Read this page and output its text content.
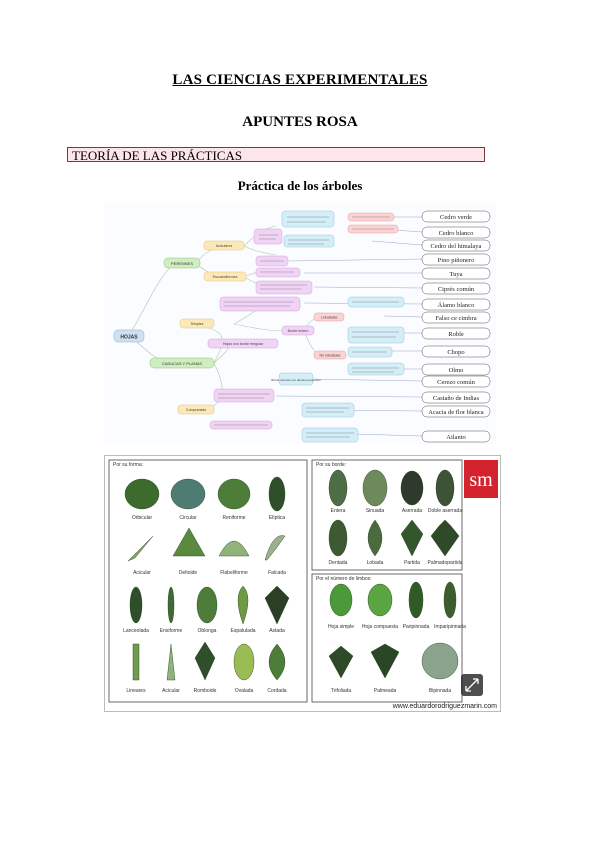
LAS CIENCIAS EXPERIMENTALES
APUNTES ROSA
TEORÍA DE LAS PRÁCTICAS
Práctica de los árboles
HOJAS
PERENNES
CADUCAS Y PLANAS
Aciculares
Escuamiformes
Simples
Compuestas
Hojas con borde irregular
Borde entero
Lobuladas
No lobuladas
Borde serrado con dientes pequeños
Cedro verde
Cedro blanco
Cedro del himalaya
Pino piñonero
Tuya
Ciprés común
Álamo blanco
Falso ce cimbra
Roble
Chopo
Olmo
Cerezo común
Castaño de Indias
Acacia de flor blanca
Ailanto
Por su forma:	Por su borde:
Por el número de limbos:
sm
Orbicular	Circular	Reniforme	Elíptica
Acicular	Deltoide	Flabeliforme	Falcada
Lanceolada Ensiforme	Oblonga	Espatulada	Astada
Lineares	Acicular	Romboide	Ovalada	Cordada
Entera	Sinuada	Aserrada Doble aserrada
Dentada	Lobada	Partida Palmadopartida
Hoja simple Hoja compuesta Paripinnada Imparipinnada
Trifoliada	Palmeada	Bipinnada
www.eduardorodriguezmarin.com
